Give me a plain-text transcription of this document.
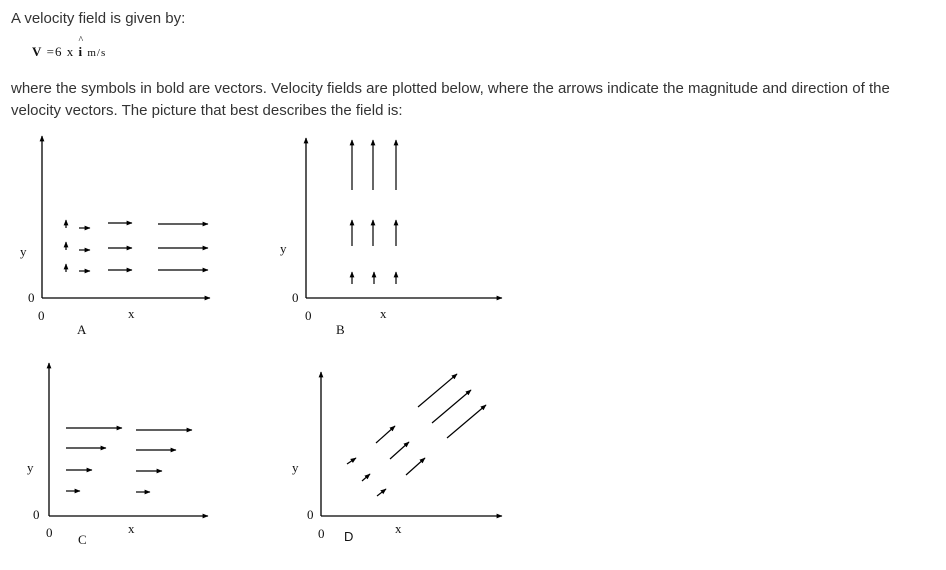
A velocity field is given by:

V =6 x
^
i m/s

where the symbols in bold are vectors. Velocity fields are plotted below, where the arrows indicate the magnitude and direction of the velocity vectors. The picture that best describes the field is:

y
0
0	x
A
y
0
0	x
B
y
0
0	x
C
y
0
0	x
D
